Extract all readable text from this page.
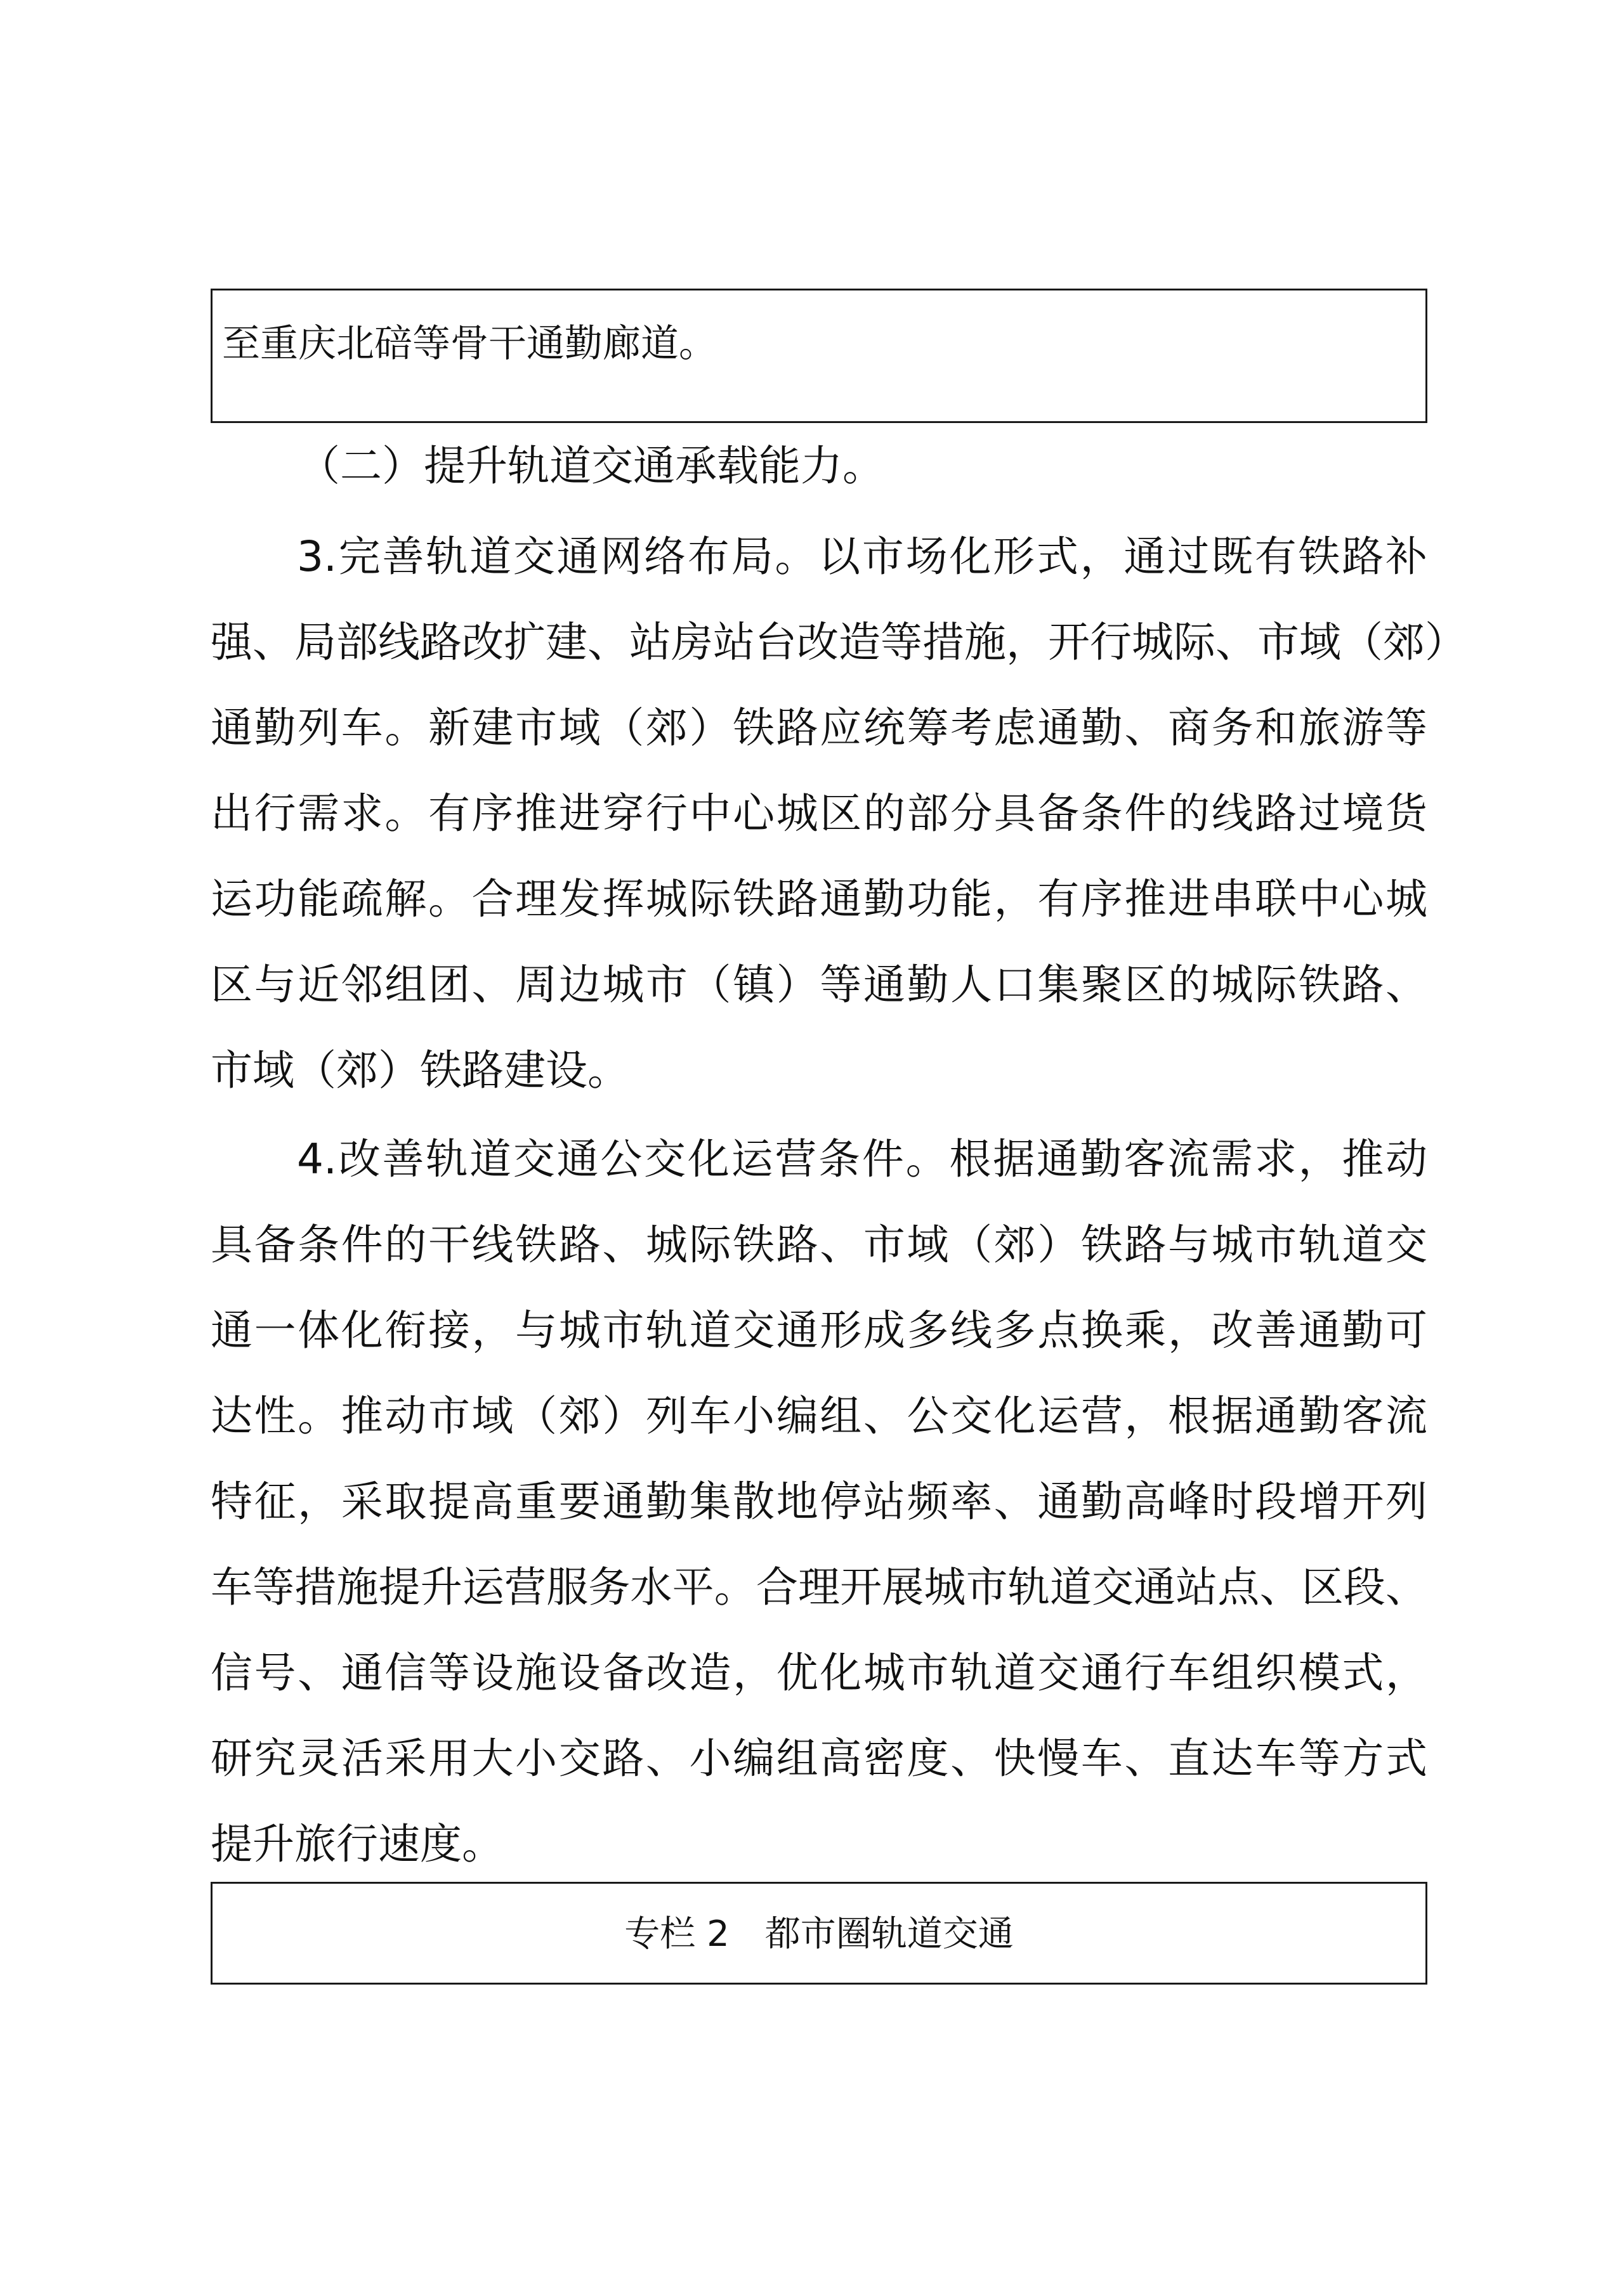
至重庆北碚等骨干通勤廊道。
（二）提升轨道交通承载能力。
3.完善轨道交通网络布局。以市场化形式，通过既有铁路补
强、局部线路改扩建、站房站台改造等措施，开行城际、市域（郊）
通勤列车。新建市域（郊）铁路应统筹考虑通勤、商务和旅游等
出行需求。有序推进穿行中心城区的部分具备条件的线路过境货
运功能疏解。合理发挥城际铁路通勤功能，有序推进串联中心城
区与近邻组团、周边城市（镇）等通勤人口集聚区的城际铁路、
市域（郊）铁路建设。
4.改善轨道交通公交化运营条件。根据通勤客流需求，推动
具备条件的干线铁路、城际铁路、市域（郊）铁路与城市轨道交
通一体化衔接，与城市轨道交通形成多线多点换乘，改善通勤可
达性。推动市域（郊）列车小编组、公交化运营，根据通勤客流
特征，采取提高重要通勤集散地停站频率、通勤高峰时段增开列
车等措施提升运营服务水平。合理开展城市轨道交通站点、区段、
信号、通信等设施设备改造，优化城市轨道交通行车组织模式，
研究灵活采用大小交路、小编组高密度、快慢车、直达车等方式
提升旅行速度。
专栏 2　都市圈轨道交通
